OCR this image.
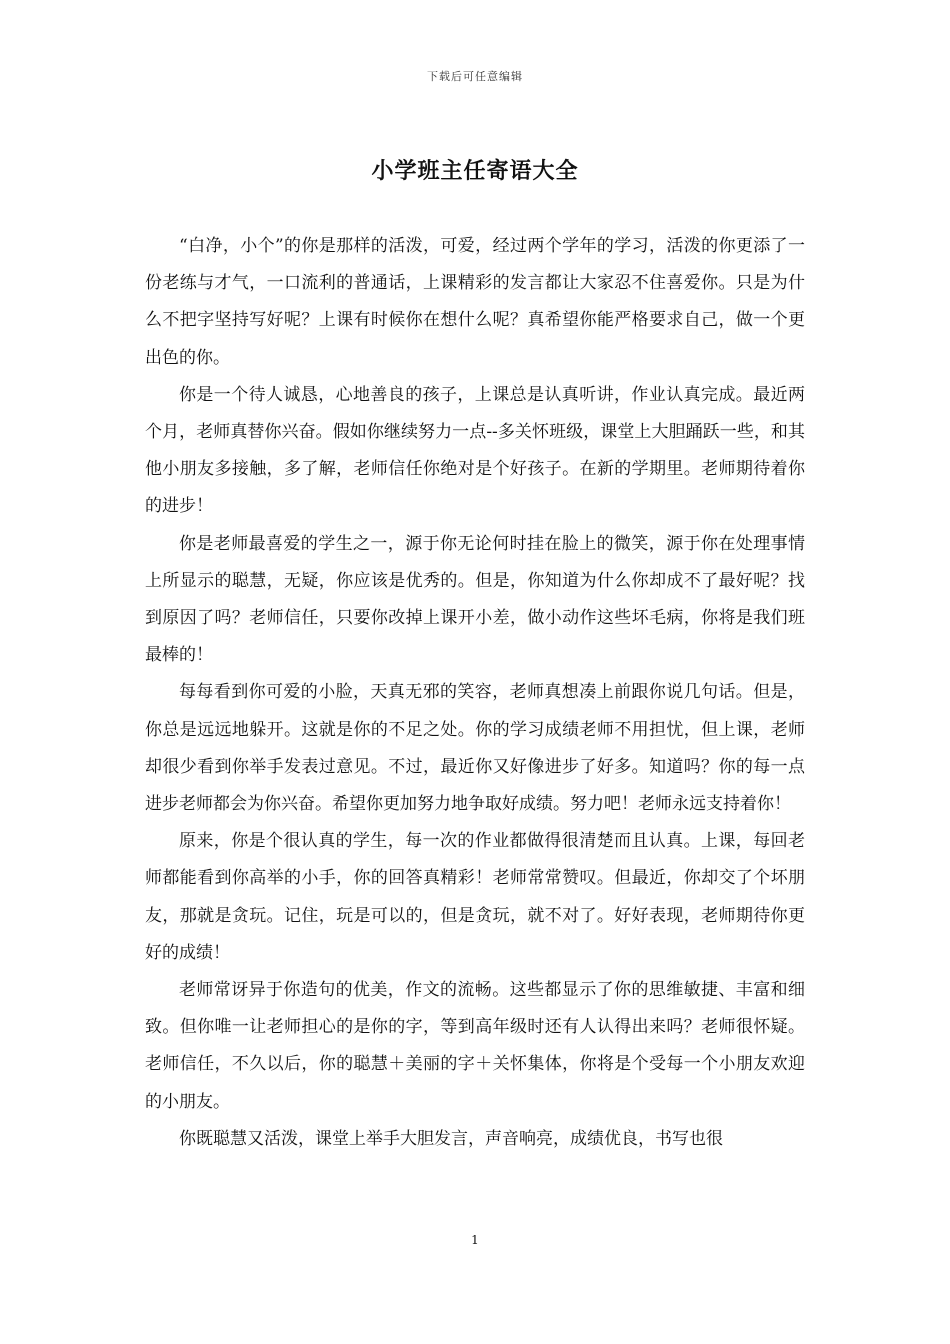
下载后可任意编辑
小学班主任寄语大全

“白净，小个”的你是那样的活泼，可爱，经过两个学年的学习，活泼的你更添了一份老练与才气，一口流利的普通话，上课精彩的发言都让大家忍不住喜爱你。只是为什么不把字坚持写好呢？上课有时候你在想什么呢？真希望你能严格要求自己，做一个更出色的你。

你是一个待人诚恳，心地善良的孩子，上课总是认真听讲，作业认真完成。最近两个月，老师真替你兴奋。假如你继续努力一点--多关怀班级，课堂上大胆踊跃一些，和其他小朋友多接触，多了解，老师信任你绝对是个好孩子。在新的学期里。老师期待着你的进步！

你是老师最喜爱的学生之一，源于你无论何时挂在脸上的微笑，源于你在处理事情上所显示的聪慧，无疑，你应该是优秀的。但是，你知道为什么你却成不了最好呢？找到原因了吗？老师信任，只要你改掉上课开小差，做小动作这些坏毛病，你将是我们班最棒的！

每每看到你可爱的小脸，天真无邪的笑容，老师真想凑上前跟你说几句话。但是，你总是远远地躲开。这就是你的不足之处。你的学习成绩老师不用担忧，但上课，老师却很少看到你举手发表过意见。不过，最近你又好像进步了好多。知道吗？你的每一点进步老师都会为你兴奋。希望你更加努力地争取好成绩。努力吧！老师永远支持着你！

原来，你是个很认真的学生，每一次的作业都做得很清楚而且认真。上课，每回老师都能看到你高举的小手，你的回答真精彩！老师常常赞叹。但最近，你却交了个坏朋友，那就是贪玩。记住，玩是可以的，但是贪玩，就不对了。好好表现，老师期待你更好的成绩！

老师常讶异于你造句的优美，作文的流畅。这些都显示了你的思维敏捷、丰富和细致。但你唯一让老师担心的是你的字，等到高年级时还有人认得出来吗？老师很怀疑。老师信任，不久以后，你的聪慧＋美丽的字＋关怀集体，你将是个受每一个小朋友欢迎的小朋友。

你既聪慧又活泼，课堂上举手大胆发言，声音响亮，成绩优良，书写也很

1
